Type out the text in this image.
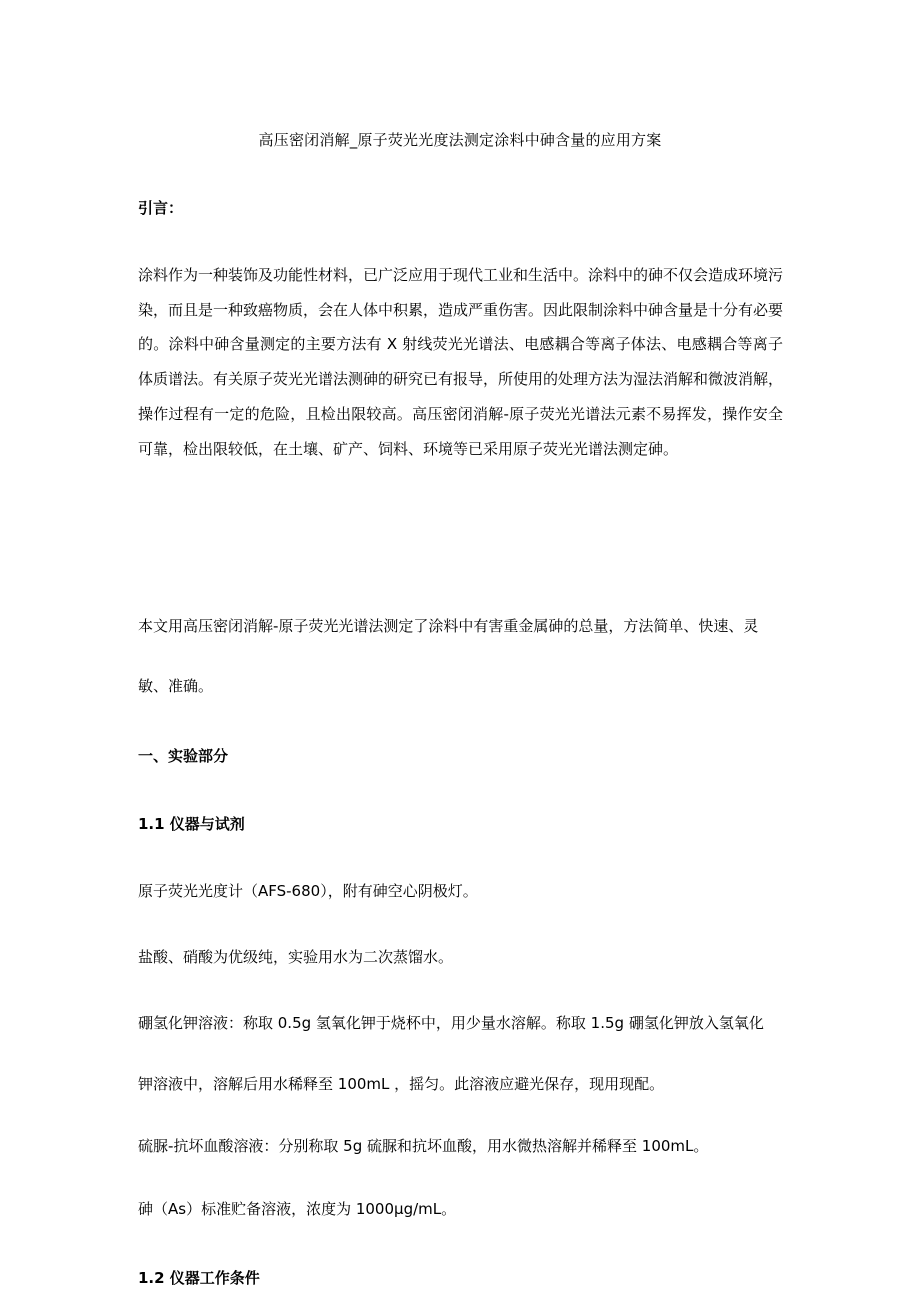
高压密闭消解_原子荧光光度法测定涂料中砷含量的应用方案
引言：

涂料作为一种装饰及功能性材料，已广泛应用于现代工业和生活中。涂料中的砷不仅会造成环境污染，而且是一种致癌物质，会在人体中积累，造成严重伤害。因此限制涂料中砷含量是十分有必要的。涂料中砷含量测定的主要方法有 X 射线荧光光谱法、电感耦合等离子体法、电感耦合等离子体质谱法。有关原子荧光光谱法测砷的研究已有报导，所使用的处理方法为湿法消解和微波消解，操作过程有一定的危险，且检出限较高。高压密闭消解-原子荧光光谱法元素不易挥发，操作安全可靠，检出限较低，在土壤、矿产、饲料、环境等已采用原子荧光光谱法测定砷。

本文用高压密闭消解-原子荧光光谱法测定了涂料中有害重金属砷的总量，方法简单、快速、灵敏、准确。

一、实验部分
1.1 仪器与试剂
原子荧光光度计（AFS-680），附有砷空心阴极灯。
盐酸、硝酸为优级纯，实验用水为二次蒸馏水。
硼氢化钾溶液：称取 0.5g 氢氧化钾于烧杯中，用少量水溶解。称取 1.5g 硼氢化钾放入氢氧化
钾溶液中，溶解后用水稀释至 100mL ，摇匀。此溶液应避光保存，现用现配。
硫脲-抗坏血酸溶液：分别称取 5g 硫脲和抗坏血酸，用水微热溶解并稀释至 100mL。
砷（As）标准贮备溶液，浓度为 1000μg/mL。
1.2 仪器工作条件
